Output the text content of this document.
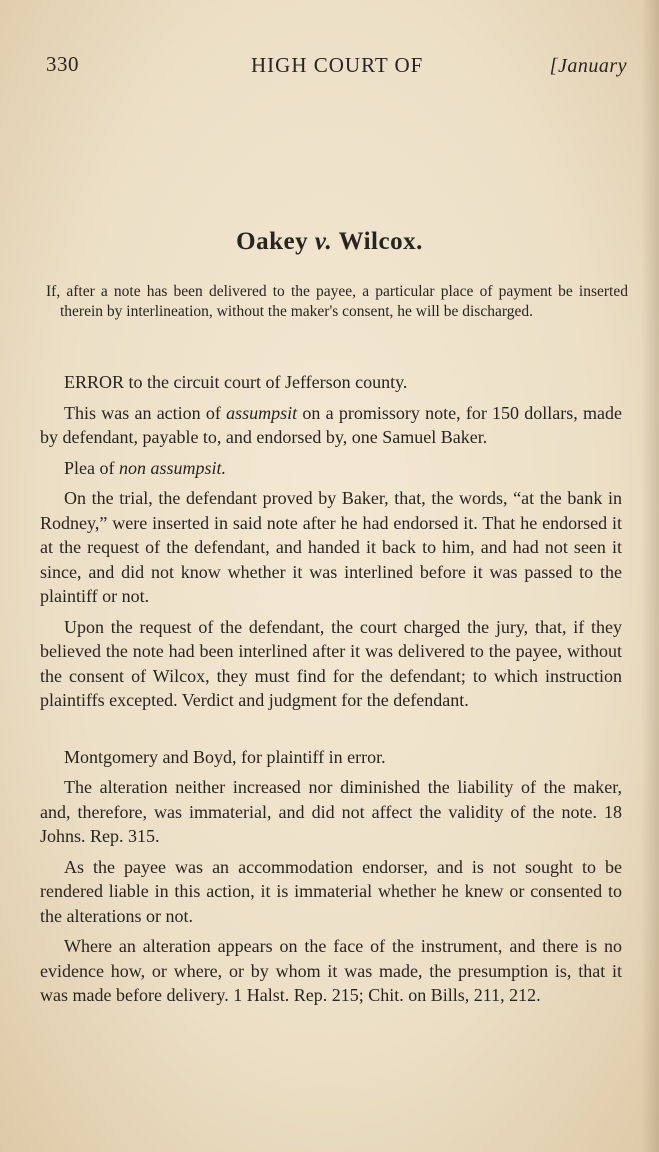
330	HIGH COURT OF	[January
Oakey v. Wilcox.

If, after a note has been delivered to the payee, a particular place of payment be inserted therein by interlineation, without the maker's consent, he will be discharged.

ERROR to the circuit court of Jefferson county.

This was an action of assumpsit on a promissory note, for 150 dollars, made by defendant, payable to, and endorsed by, one Samuel Baker.

Plea of non assumpsit.

On the trial, the defendant proved by Baker, that, the words, “at the bank in Rodney,” were inserted in said note after he had endorsed it. That he endorsed it at the request of the defendant, and handed it back to him, and had not seen it since, and did not know whether it was interlined before it was passed to the plaintiff or not.

Upon the request of the defendant, the court charged the jury, that, if they believed the note had been interlined after it was delivered to the payee, without the consent of Wilcox, they must find for the defendant; to which instruction plaintiffs excepted. Verdict and judgment for the defendant.

Montgomery and Boyd, for plaintiff in error.

The alteration neither increased nor diminished the liability of the maker, and, therefore, was immaterial, and did not affect the validity of the note. 18 Johns. Rep. 315.

As the payee was an accommodation endorser, and is not sought to be rendered liable in this action, it is immaterial whether he knew or consented to the alterations or not.

Where an alteration appears on the face of the instrument, and there is no evidence how, or where, or by whom it was made, the presumption is, that it was made before delivery. 1 Halst. Rep. 215; Chit. on Bills, 211, 212.
